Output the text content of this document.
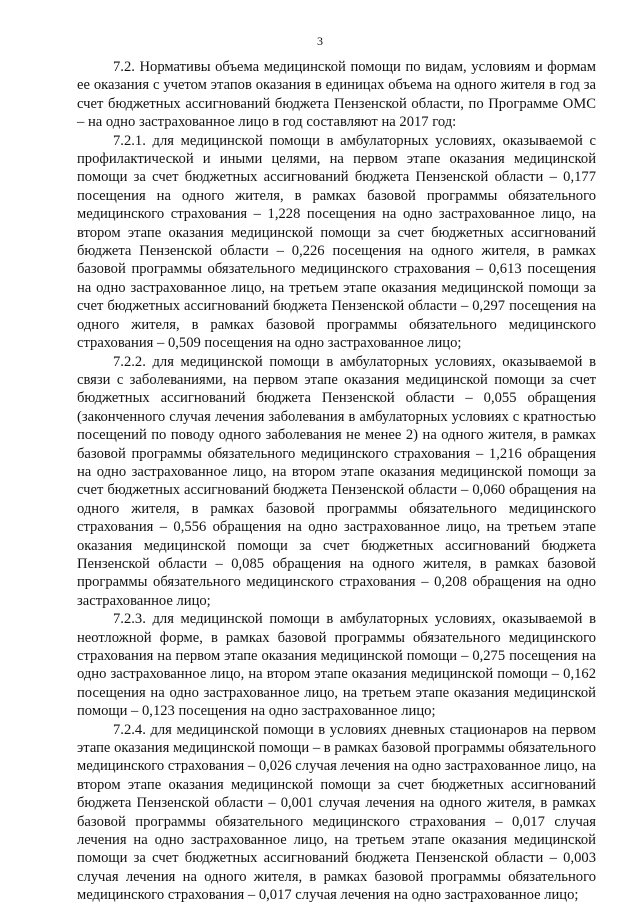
3

7.2. Нормативы объема медицинской помощи по видам, условиям и формам ее оказания с учетом этапов оказания в единицах объема на одного жителя в год за счет бюджетных ассигнований бюджета Пензенской области, по Программе ОМС – на одно застрахованное лицо в год составляют на 2017 год:

7.2.1. для медицинской помощи в амбулаторных условиях, оказываемой с профилактической и иными целями, на первом этапе оказания медицинской помощи за счет бюджетных ассигнований бюджета Пензенской области – 0,177 посещения на одного жителя, в рамках базовой программы обязательного медицинского страхования – 1,228 посещения на одно застрахованное лицо, на втором этапе оказания медицинской помощи за счет бюджетных ассигнований бюджета Пензенской области – 0,226 посещения на одного жителя, в рамках базовой программы обязательного медицинского страхования – 0,613 посещения на одно застрахованное лицо, на третьем этапе оказания медицинской помощи за счет бюджетных ассигнований бюджета Пензенской области – 0,297 посещения на одного жителя, в рамках базовой программы обязательного медицинского страхования – 0,509 посещения на одно застрахованное лицо;

7.2.2. для медицинской помощи в амбулаторных условиях, оказываемой в связи с заболеваниями, на первом этапе оказания медицинской помощи за счет бюджетных ассигнований бюджета Пензенской области – 0,055 обращения (законченного случая лечения заболевания в амбулаторных условиях с кратностью посещений по поводу одного заболевания не менее 2) на одного жителя, в рамках базовой программы обязательного медицинского страхования – 1,216 обращения на одно застрахованное лицо, на втором этапе оказания медицинской помощи за счет бюджетных ассигнований бюджета Пензенской области – 0,060 обращения на одного жителя, в рамках базовой программы обязательного медицинского страхования – 0,556 обращения на одно застрахованное лицо, на третьем этапе оказания медицинской помощи за счет бюджетных ассигнований бюджета Пензенской области – 0,085 обращения на одного жителя, в рамках базовой программы обязательного медицинского страхования – 0,208 обращения на одно застрахованное лицо;

7.2.3. для медицинской помощи в амбулаторных условиях, оказываемой в неотложной форме, в рамках базовой программы обязательного медицинского страхования на первом этапе оказания медицинской помощи – 0,275 посещения на одно застрахованное лицо, на втором этапе оказания медицинской помощи – 0,162 посещения на одно застрахованное лицо, на третьем этапе оказания медицинской помощи – 0,123 посещения на одно застрахованное лицо;

7.2.4. для медицинской помощи в условиях дневных стационаров на первом этапе оказания медицинской помощи – в рамках базовой программы обязательного медицинского страхования – 0,026 случая лечения на одно застрахованное лицо, на втором этапе оказания медицинской помощи за счет бюджетных ассигнований бюджета Пензенской области – 0,001 случая лечения на одного жителя, в рамках базовой программы обязательного медицинского страхования – 0,017 случая лечения на одно застрахованное лицо, на третьем этапе оказания медицинской помощи за счет бюджетных ассигнований бюджета Пензенской области – 0,003 случая лечения на одного жителя, в рамках базовой программы обязательного медицинского страхования – 0,017 случая лечения на одно застрахованное лицо;
